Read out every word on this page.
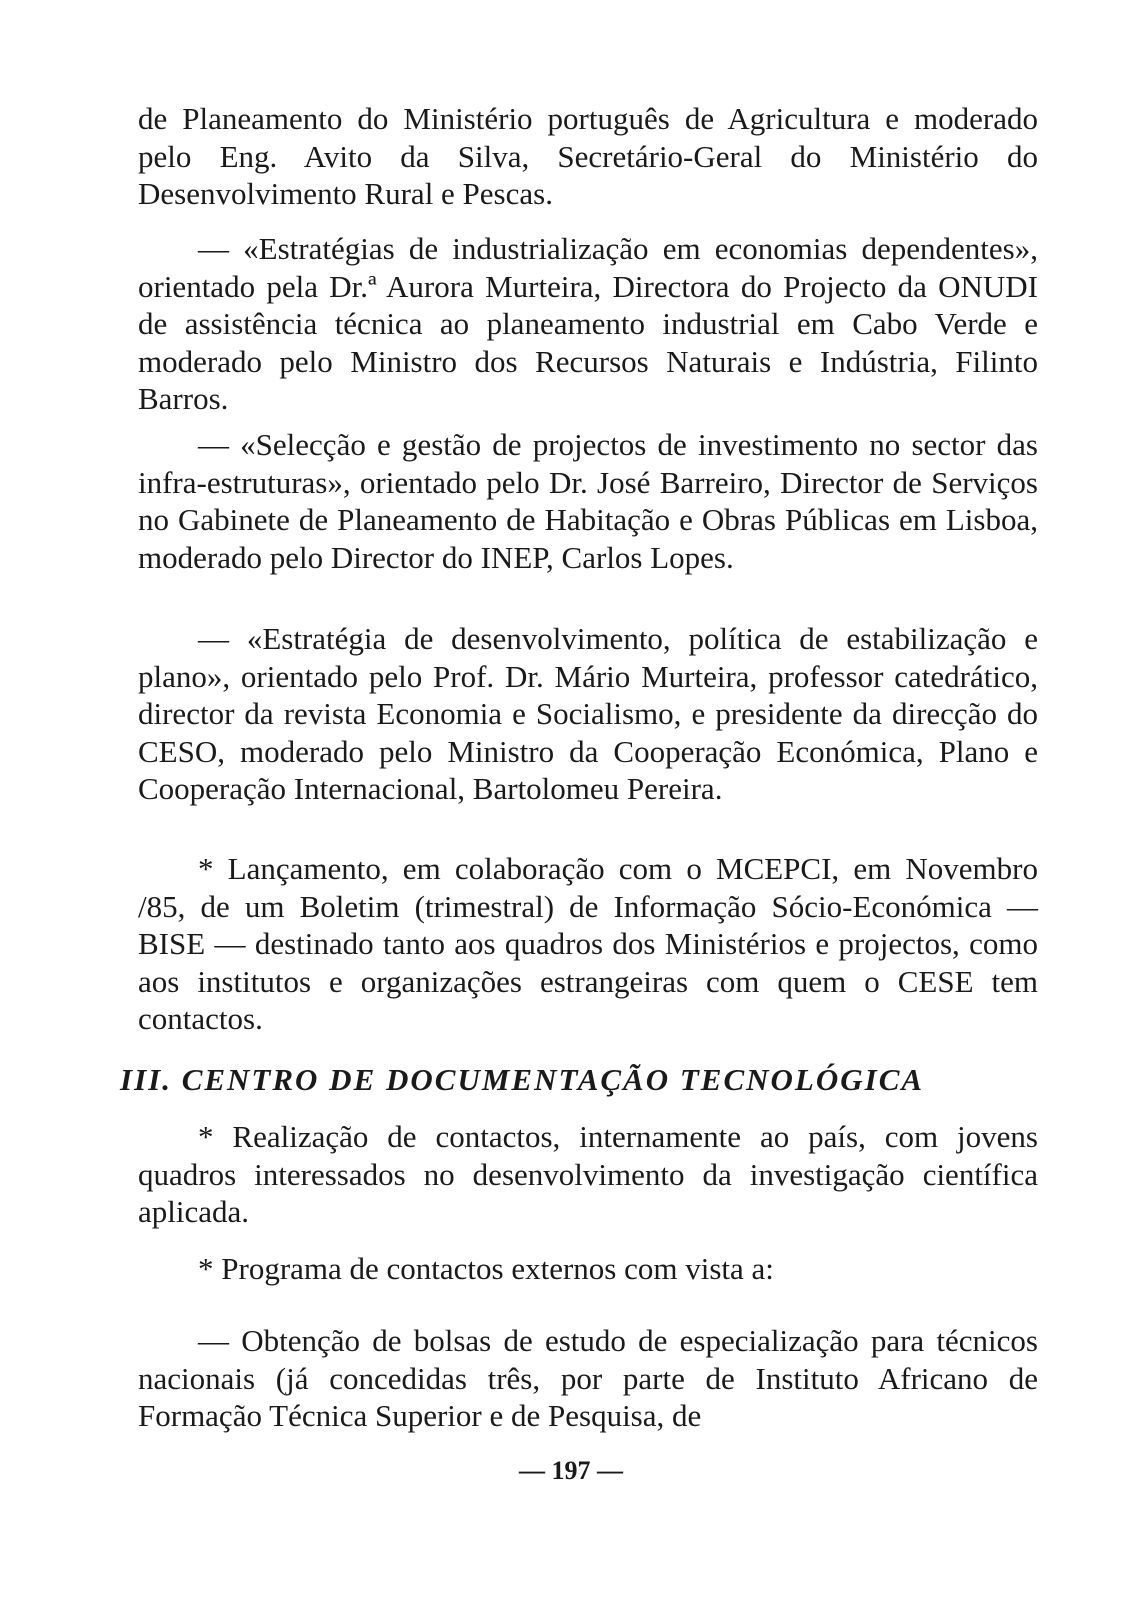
de Planeamento do Ministério português de Agricultura e moderado pelo Eng. Avito da Silva, Secretário-Geral do Ministério do Desenvolvimento Rural e Pescas.

— «Estratégias de industrialização em economias dependentes», orientado pela Dr.ª Aurora Murteira, Directora do Projecto da ONUDI de assistência técnica ao planeamento industrial em Cabo Verde e moderado pelo Ministro dos Recursos Naturais e Indústria, Filinto Barros.

— «Selecção e gestão de projectos de investimento no sector das infra-estruturas», orientado pelo Dr. José Barreiro, Director de Serviços no Gabinete de Planeamento de Habitação e Obras Públicas em Lisboa, moderado pelo Director do INEP, Carlos Lopes.

— «Estratégia de desenvolvimento, política de estabilização e plano», orientado pelo Prof. Dr. Mário Murteira, professor catedrático, director da revista Economia e Socialismo, e presidente da direcção do CESO, moderado pelo Ministro da Cooperação Económica, Plano e Cooperação Internacional, Bartolomeu Pereira.

* Lançamento, em colaboração com o MCEPCI, em Novembro /85, de um Boletim (trimestral) de Informação Sócio-Económica — BISE — destinado tanto aos quadros dos Ministérios e projectos, como aos institutos e organizações estrangeiras com quem o CESE tem contactos.

III. CENTRO DE DOCUMENTAÇÃO TECNOLÓGICA

* Realização de contactos, internamente ao país, com jovens quadros interessados no desenvolvimento da investigação científica aplicada.

* Programa de contactos externos com vista a:

— Obtenção de bolsas de estudo de especialização para técnicos nacionais (já concedidas três, por parte de Instituto Africano de Formação Técnica Superior e de Pesquisa, de

— 197 —
